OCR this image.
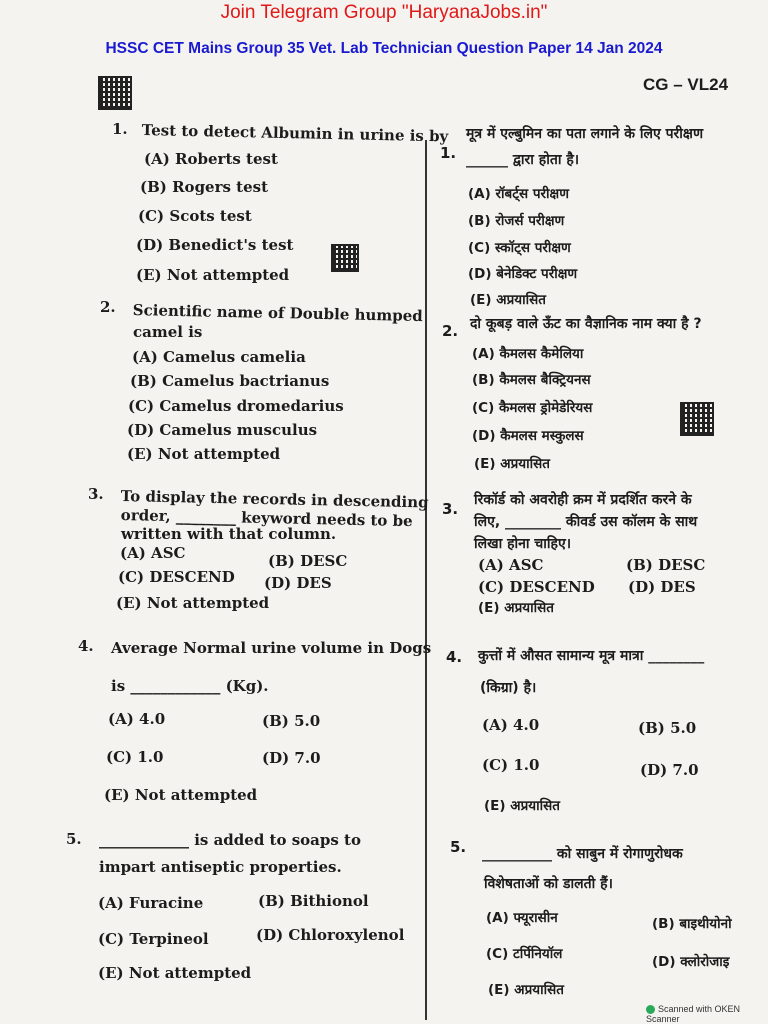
Join Telegram Group "HaryanaJobs.in"
HSSC CET Mains Group 35 Vet. Lab Technician Question Paper 14 Jan 2024
CG – VL24
1. Test to detect Albumin in urine is by
(A) Roberts test
(B) Rogers test
(C) Scots test
(D) Benedict's test
(E) Not attempted
2. Scientific name of Double humped
camel is
(A) Camelus camelia
(B) Camelus bactrianus
(C) Camelus dromedarius
(D) Camelus musculus
(E) Not attempted
3. To display the records in descending
order, ________ keyword needs to be
written with that column.
(A) ASC	(B) DESC
(C) DESCEND (D) DES
(E) Not attempted
4. Average Normal urine volume in Dogs
is ____________ (Kg).
(A) 4.0	(B) 5.0
(C) 1.0	(D) 7.0
(E) Not attempted
5. ____________ is added to soaps to
impart antiseptic properties.
(A) Furacine	(B) Bithionol
(C) Terpineol	(D) Chloroxylenol
(E) Not attempted
1.
मूत्र में एल्बुमिन का पता लगाने के लिए परीक्षण
______ द्वारा होता है।
(A) रॉबर्ट्स परीक्षण
(B) रोजर्स परीक्षण
(C) स्कॉट्स परीक्षण
(D) बेनेडिक्ट परीक्षण
(E) अप्रयासित
2. दो कूबड़ वाले ऊँट का वैज्ञानिक नाम क्या है ?
(A) कैमलस कैमेलिया
(B) कैमलस बैक्ट्रियनस
(C) कैमलस ड्रोमेडेरियस
(D) कैमलस मस्कुलस
(E) अप्रयासित
3. रिकॉर्ड को अवरोही क्रम में प्रदर्शित करने के
लिए, ________ कीवर्ड उस कॉलम के साथ
लिखा होना चाहिए।
(A) ASC	(B) DESC
(C) DESCEND (D) DES
(E) अप्रयासित
4. कुत्तों में औसत सामान्य मूत्र मात्रा ________
(किग्रा) है।
(A) 4.0	(B) 5.0
(C) 1.0	(D) 7.0
(E) अप्रयासित
5. __________ को साबुन में रोगाणुरोधक
विशेषताओं को डालती हैं।
(A) फ्यूरासीन	(B) बाइथीयोनो
(C) टर्पिनियॉल	(D) क्लोरोजाइ
(E) अप्रयासित
Scanned with OKEN Scanner
